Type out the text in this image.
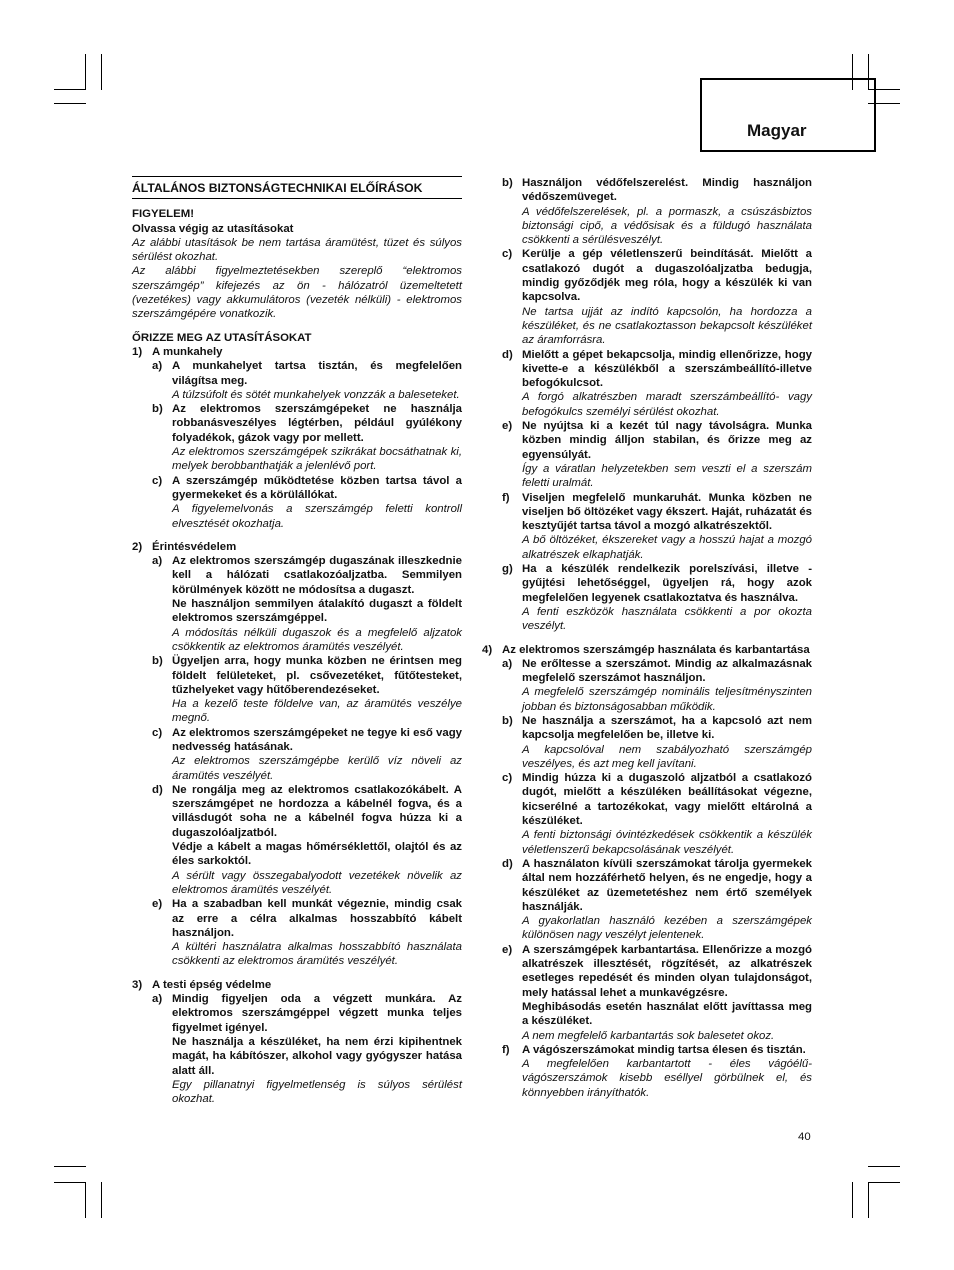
Magyar
ÁLTALÁNOS BIZTONSÁGTECHNIKAI ELŐÍRÁSOK
FIGYELEM!
Olvassa végig az utasításokat
Az alábbi utasítások be nem tartása áramütést, tüzet és súlyos sérülést okozhat.
Az alábbi figyelmeztetésekben szereplő “elektromos szerszámgép” kifejezés az ön - hálózatról üzemeltetett (vezetékes) vagy akkumulátoros (vezeték nélküli) - elektromos szerszámgépére vonatkozik.
ŐRIZZE MEG AZ UTASÍTÁSOKAT
1) A munkahely
a) A munkahelyet tartsa tisztán, és megfelelően világítsa meg.
A túlzsúfolt és sötét munkahelyek vonzzák a baleseteket.
b) Az elektromos szerszámgépeket ne használja robbanásveszélyes légtérben, például gyúlékony folyadékok, gázok vagy por mellett.
Az elektromos szerszámgépek szikrákat bocsáthatnak ki, melyek berobbanthatják a jelenlévő port.
c) A szerszámgép működtetése közben tartsa távol a gyermekeket és a körülállókat.
A figyelemelvonás a szerszámgép feletti kontroll elvesztését okozhatja.
2) Érintésvédelem
a) Az elektromos szerszámgép dugaszának illeszkednie kell a hálózati csatlakozóaljzatba. Semmilyen körülmények között ne módosítsa a dugaszt.
Ne használjon semmilyen átalakító dugaszt a földelt elektromos szerszámgéppel.
A módosítás nélküli dugaszok és a megfelelő aljzatok csökkentik az elektromos áramütés veszélyét.
b) Ügyeljen arra, hogy munka közben ne érintsen meg földelt felületeket, pl. csővezetéket, fűtőtesteket, tűzhelyeket vagy hűtőberendezéseket.
Ha a kezelő teste földelve van, az áramütés veszélye megnő.
c) Az elektromos szerszámgépeket ne tegye ki eső vagy nedvesség hatásának.
Az elektromos szerszámgépbe kerülő víz növeli az áramütés veszélyét.
d) Ne rongálja meg az elektromos csatlakozókábelt. A szerszámgépet ne hordozza a kábelnél fogva, és a villásdugót soha ne a kábelnél fogva húzza ki a dugaszolóaljzatból.
Védje a kábelt a magas hőmérséklettől, olajtól és az éles sarkoktól.
A sérült vagy összegabalyodott vezetékek növelik az elektromos áramütés veszélyét.
e) Ha a szabadban kell munkát végeznie, mindig csak az erre a célra alkalmas hosszabbító kábelt használjon.
A kültéri használatra alkalmas hosszabbító használata csökkenti az elektromos áramütés veszélyét.
3) A testi épség védelme
a) Mindig figyeljen oda a végzett munkára. Az elektromos szerszámgéppel végzett munka teljes figyelmet igényel.
Ne használja a készüléket, ha nem érzi kipihentnek magát, ha kábítószer, alkohol vagy gyógyszer hatása alatt áll.
Egy pillanatnyi figyelmetlenség is súlyos sérülést okozhat.
b) Használjon védőfelszerelést. Mindig használjon védőszemüveget.
A védőfelszerelések, pl. a pormaszk, a csúszásbiztos biztonsági cipő, a védősisak és a füldugó használata csökkenti a sérülésveszélyt.
c) Kerülje a gép véletlenszerű beindítását. Mielőtt a csatlakozó dugót a dugaszolóaljzatba bedugja, mindig győződjék meg róla, hogy a készülék ki van kapcsolva.
Ne tartsa ujját az indító kapcsolón, ha hordozza a készüléket, és ne csatlakoztasson bekapcsolt készüléket az áramforrásra.
d) Mielőtt a gépet bekapcsolja, mindig ellenőrizze, hogy kivette-e a készülékből a szerszámbeállító-illetve befogókulcsot.
A forgó alkatrészben maradt szerszámbeállító- vagy befogókulcs személyi sérülést okozhat.
e) Ne nyújtsa ki a kezét túl nagy távolságra. Munka közben mindig álljon stabilan, és őrizze meg az egyensúlyát.
Így a váratlan helyzetekben sem veszti el a szerszám feletti uralmát.
f)	Viseljen megfelelő munkaruhát. Munka közben ne viseljen bő öltözéket vagy ékszert. Haját, ruházatát és kesztyűjét tartsa távol a mozgó alkatrészektől.
A bő öltözéket, ékszereket vagy a hosszú hajat a mozgó alkatrészek elkaphatják.
g) Ha a készülék rendelkezik porelszívási, illetve -gyűjtési lehetőséggel, ügyeljen rá, hogy azok megfelelően legyenek csatlakoztatva és használva.
A fenti eszközök használata csökkenti a por okozta veszélyt.
4) Az elektromos szerszámgép használata és karbantartása
a) Ne erőltesse a szerszámot. Mindig az alkalmazásnak megfelelő szerszámot használjon.
A megfelelő szerszámgép nominális teljesítményszinten jobban és biztonságosabban működik.
b) Ne használja a szerszámot, ha a kapcsoló azt nem kapcsolja megfelelően be, illetve ki.
A kapcsolóval nem szabályozható szerszámgép veszélyes, és azt meg kell javítani.
c) Mindig húzza ki a dugaszoló aljzatból a csatlakozó dugót, mielőtt a készüléken beállításokat végezne, kicserélné a tartozékokat, vagy mielőtt eltárolná a készüléket.
A fenti biztonsági óvintézkedések csökkentik a készülék véletlenszerű bekapcsolásának veszélyét.
d) A használaton kívüli szerszámokat tárolja gyermekek által nem hozzáférhető helyen, és ne engedje, hogy a készüléket az üzemetetéshez nem értő személyek használják.
A gyakorlatlan használó kezében a szerszámgépek különösen nagy veszélyt jelentenek.
e) A szerszámgépek karbantartása. Ellenőrizze a mozgó alkatrészek illesztését, rögzítését, az alkatrészek esetleges repedését és minden olyan tulajdonságot, mely hatással lehet a munkavégzésre.
Meghibásodás esetén használat előtt javíttassa meg a készüléket.
A nem megfelelő karbantartás sok balesetet okoz.
f)	A vágószerszámokat mindig tartsa élesen és tisztán.
A megfelelően karbantartott - éles vágóélű-vágószerszámok kisebb eséllyel görbülnek el, és könnyebben irányíthatók.
40
